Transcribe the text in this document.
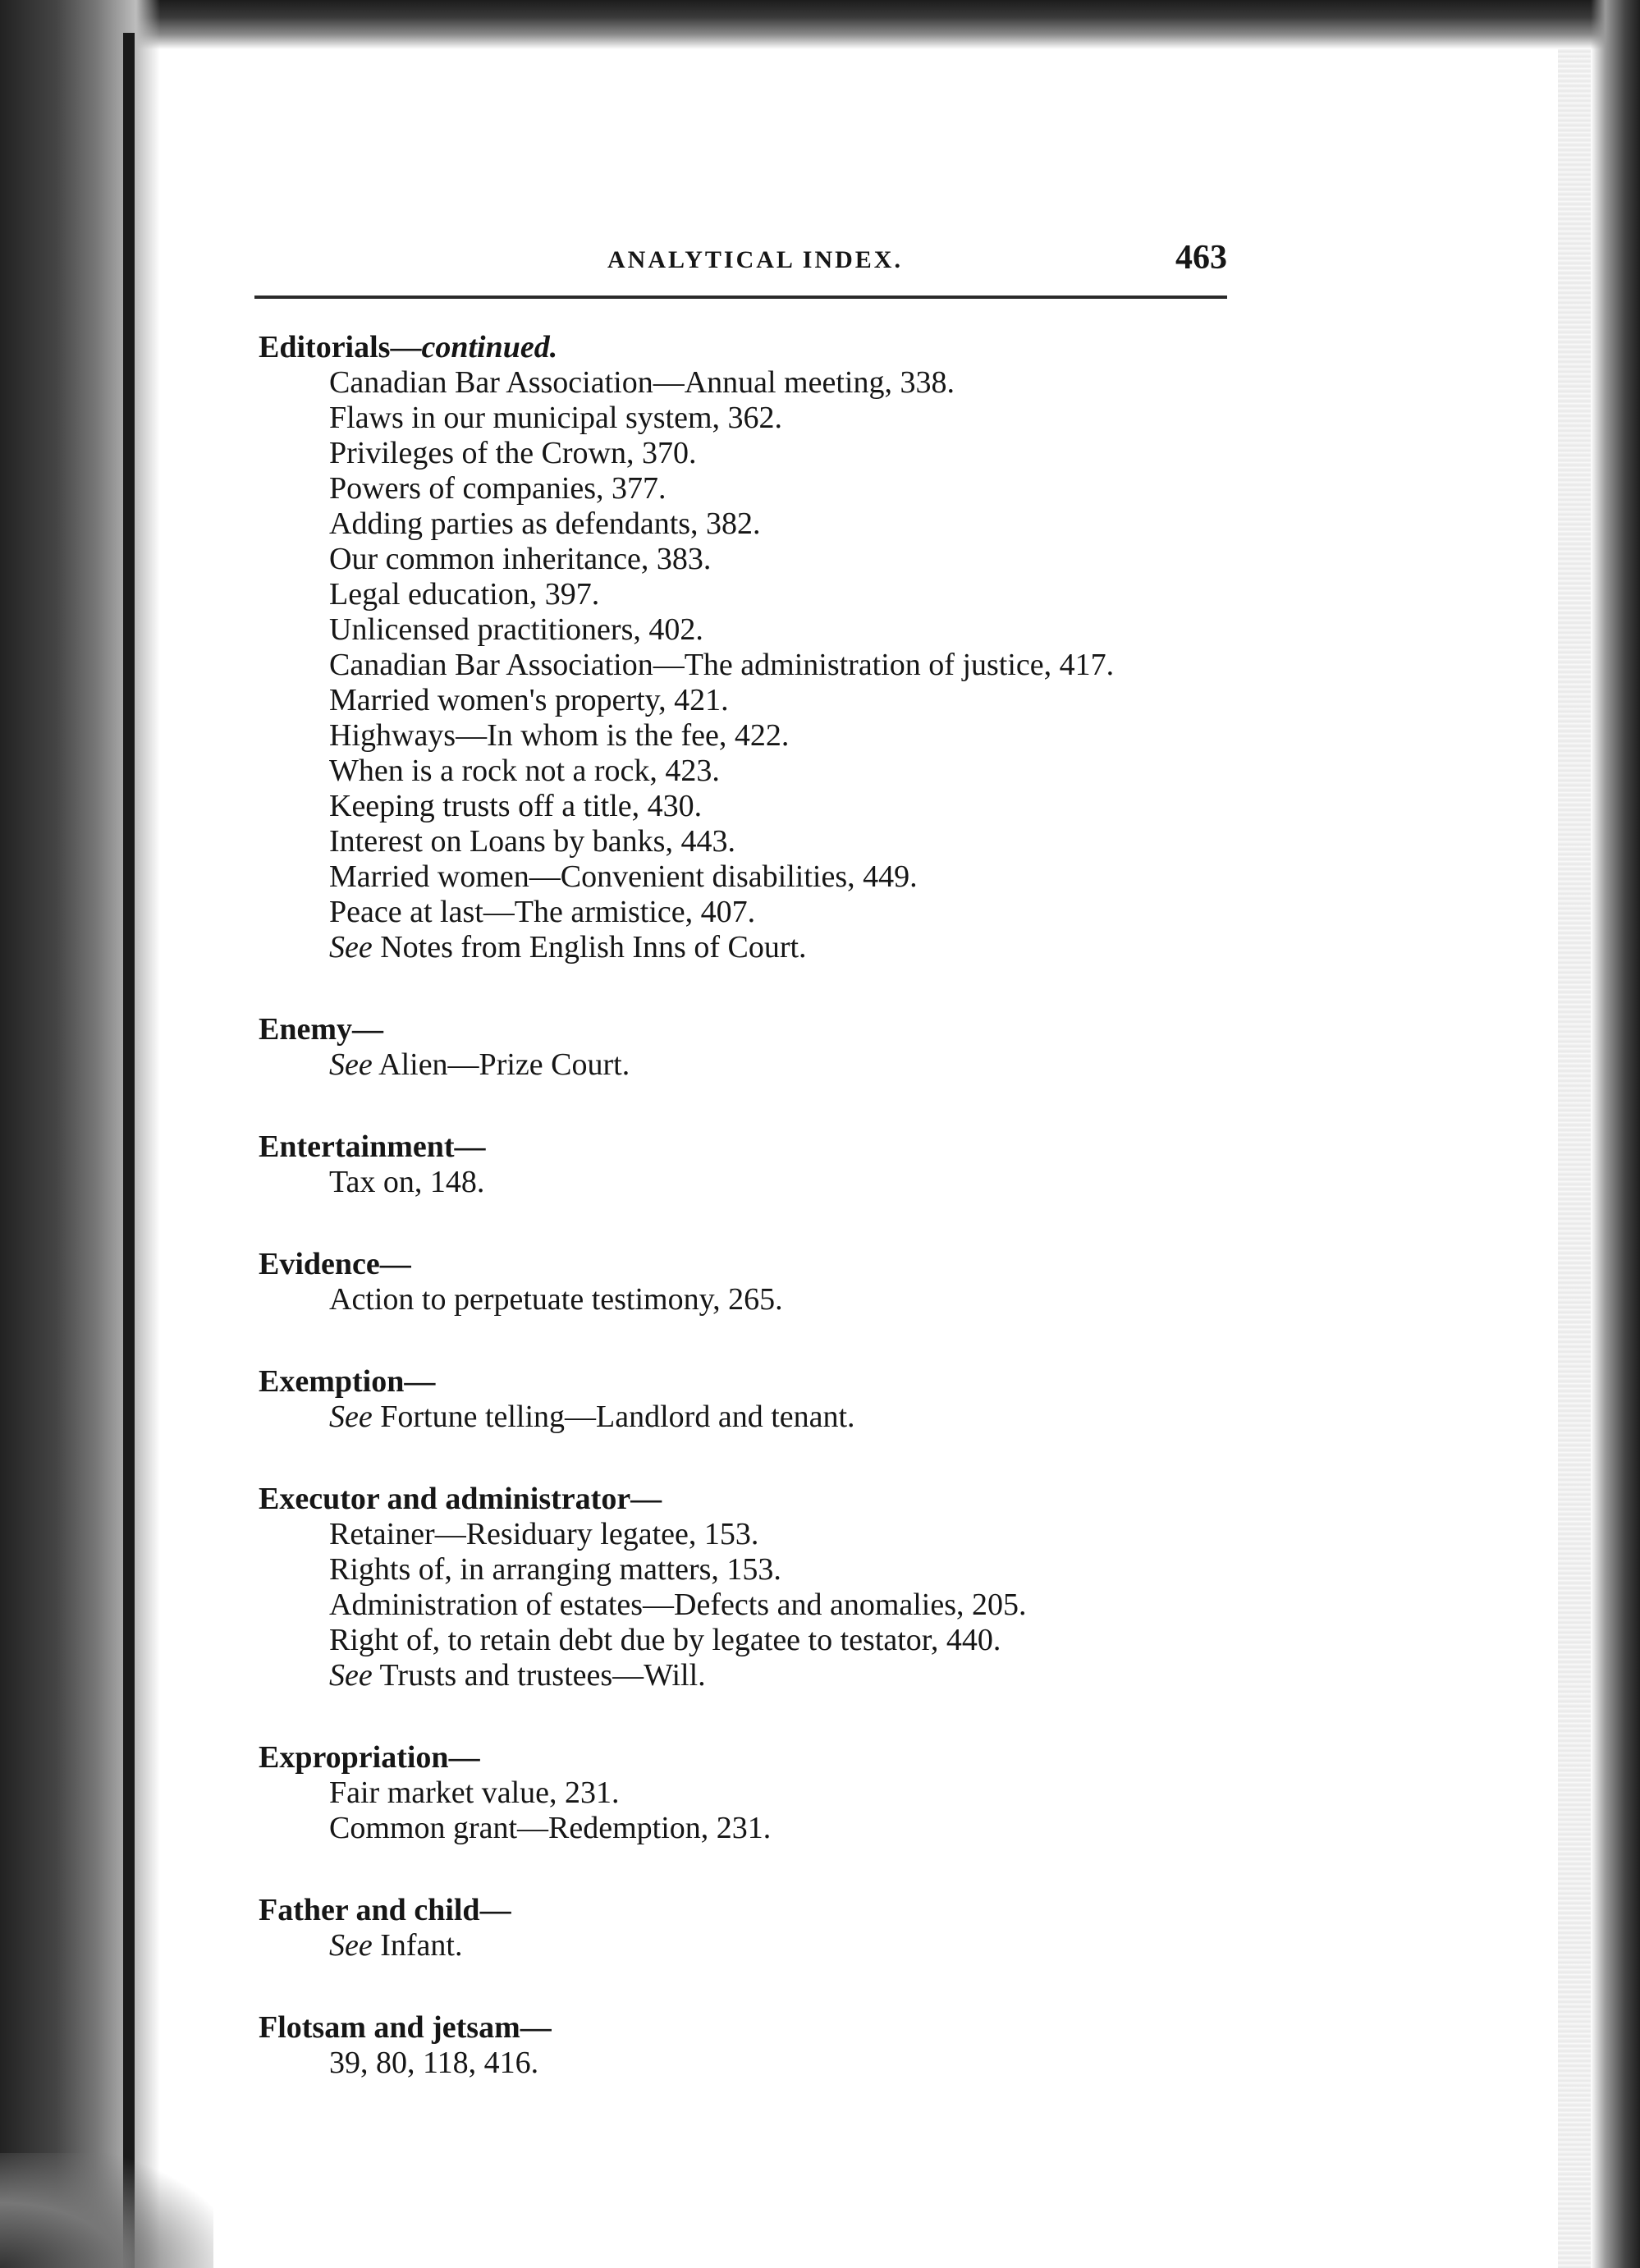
ANALYTICAL INDEX.	463
Editorials—continued.
Canadian Bar Association—Annual meeting, 338.
Flaws in our municipal system, 362.
Privileges of the Crown, 370.
Powers of companies, 377.
Adding parties as defendants, 382.
Our common inheritance, 383.
Legal education, 397.
Unlicensed practitioners, 402.
Canadian Bar Association—The administration of justice, 417.
Married women's property, 421.
Highways—In whom is the fee, 422.
When is a rock not a rock, 423.
Keeping trusts off a title, 430.
Interest on Loans by banks, 443.
Married women—Convenient disabilities, 449.
Peace at last—The armistice, 407.
See Notes from English Inns of Court.
Enemy—
See Alien—Prize Court.
Entertainment—
Tax on, 148.
Evidence—
Action to perpetuate testimony, 265.
Exemption—
See Fortune telling—Landlord and tenant.
Executor and administrator—
Retainer—Residuary legatee, 153.
Rights of, in arranging matters, 153.
Administration of estates—Defects and anomalies, 205.
Right of, to retain debt due by legatee to testator, 440.
See Trusts and trustees—Will.
Expropriation—
Fair market value, 231.
Common grant—Redemption, 231.
Father and child—
See Infant.
Flotsam and jetsam—
39, 80, 118, 416.
